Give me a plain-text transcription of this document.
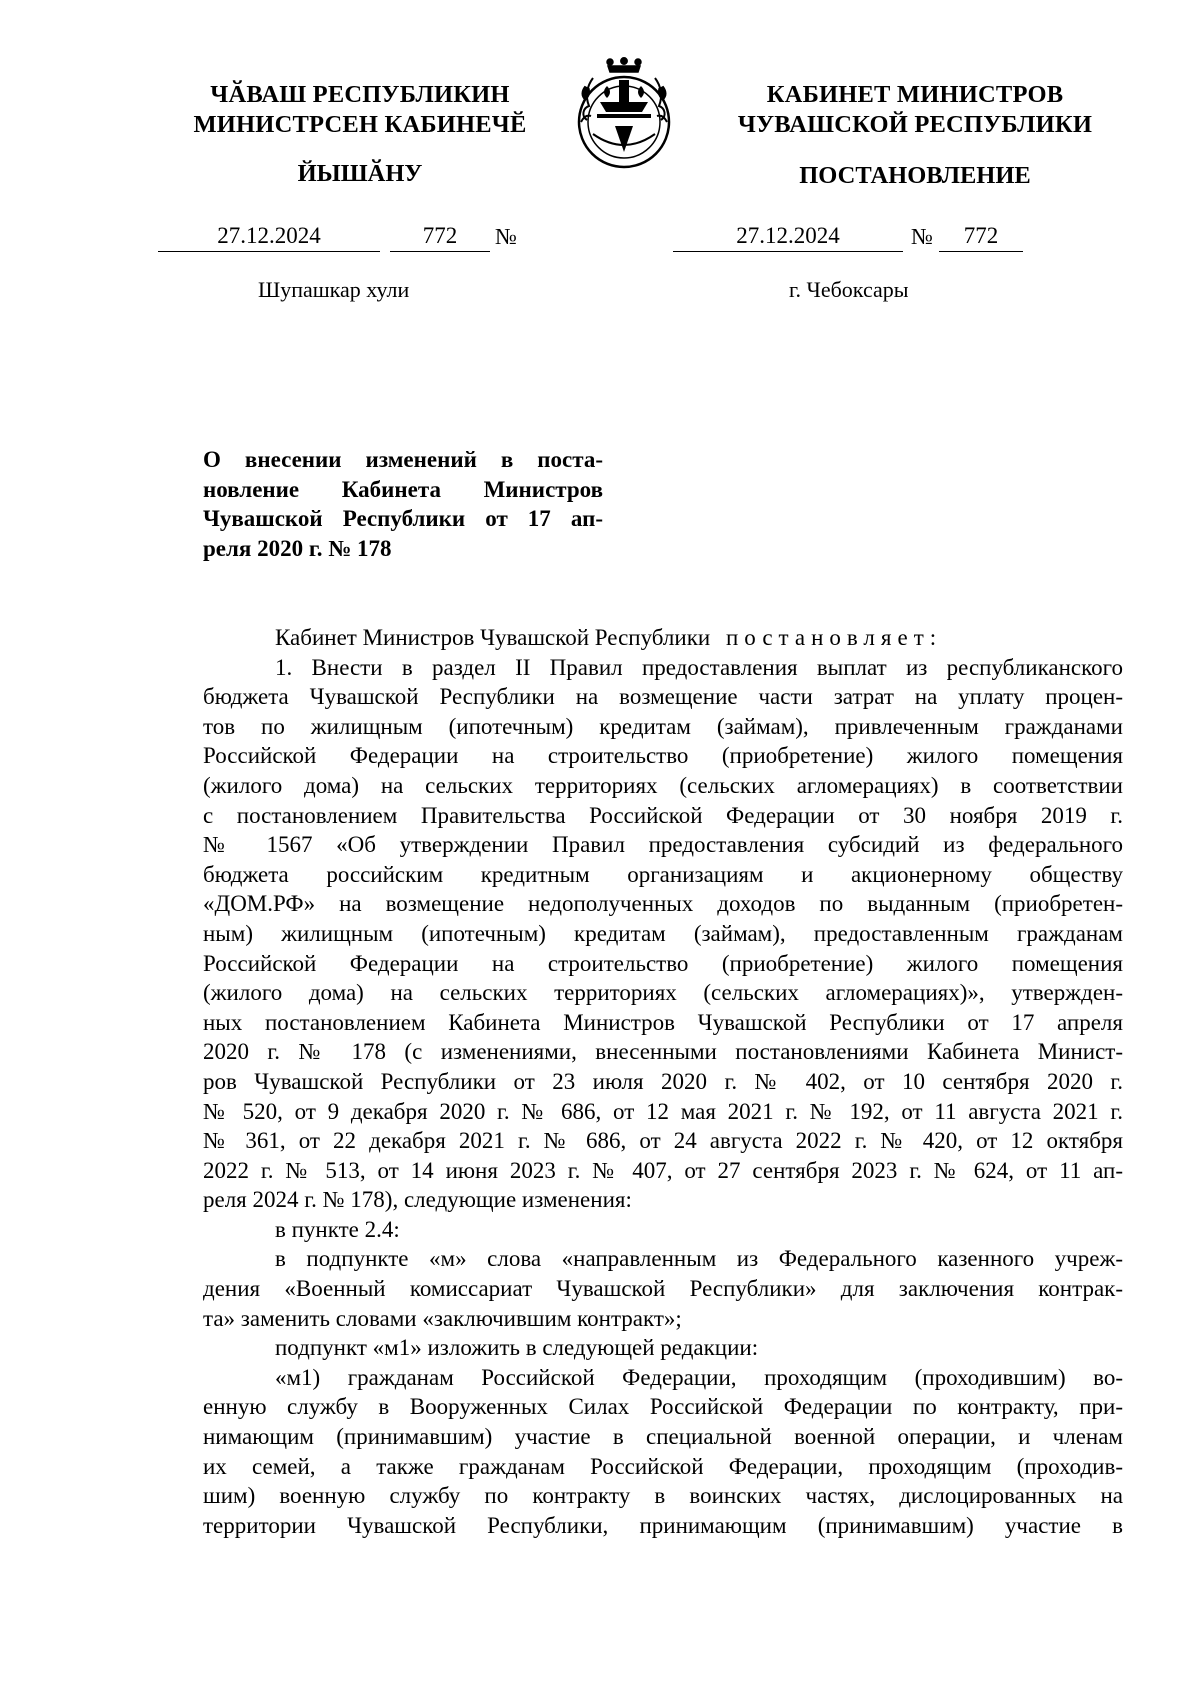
ЧӐВАШ РЕСПУБЛИКИН
МИНИСТРСЕН КАБИНЕЧӖ
ЙЫШӐНУ
КАБИНЕТ МИНИСТРОВ
ЧУВАШСКОЙ РЕСПУБЛИКИ
ПОСТАНОВЛЕНИЕ
27.12.2024	772	№	27.12.2024	№	772
Шупашкар хули	г. Чебоксары
О внесении изменений в поста-
новление Кабинета Министров
Чувашской Республики от 17 ап-
реля 2020 г. № 178
Кабинет Министров Чувашской Республики постановляет:
1. Внести в раздел II Правил предоставления выплат из республиканского
бюджета Чувашской Республики на возмещение части затрат на уплату процен-
тов по жилищным (ипотечным) кредитам (займам), привлеченным гражданами
Российской Федерации на строительство (приобретение) жилого помещения
(жилого дома) на сельских территориях (сельских агломерациях) в соответствии
с постановлением Правительства Российской Федерации от 30 ноября 2019 г.
№ 1567 «Об утверждении Правил предоставления субсидий из федерального
бюджета российским кредитным организациям и акционерному обществу
«ДОМ.РФ» на возмещение недополученных доходов по выданным (приобретен-
ным) жилищным (ипотечным) кредитам (займам), предоставленным гражданам
Российской Федерации на строительство (приобретение) жилого помещения
(жилого дома) на сельских территориях (сельских агломерациях)», утвержден-
ных постановлением Кабинета Министров Чувашской Республики от 17 апреля
2020 г. № 178 (с изменениями, внесенными постановлениями Кабинета Минист-
ров Чувашской Республики от 23 июля 2020 г. № 402, от 10 сентября 2020 г.
№ 520, от 9 декабря 2020 г. № 686, от 12 мая 2021 г. № 192, от 11 августа 2021 г.
№ 361, от 22 декабря 2021 г. № 686, от 24 августа 2022 г. № 420, от 12 октября
2022 г. № 513, от 14 июня 2023 г. № 407, от 27 сентября 2023 г. № 624, от 11 ап-
реля 2024 г. № 178), следующие изменения:
в пункте 2.4:
в подпункте «м» слова «направленным из Федерального казенного учреж-
дения «Военный комиссариат Чувашской Республики» для заключения контрак-
та» заменить словами «заключившим контракт»;
подпункт «м1» изложить в следующей редакции:
«м1) гражданам Российской Федерации, проходящим (проходившим) во-
енную службу в Вооруженных Силах Российской Федерации по контракту, при-
нимающим (принимавшим) участие в специальной военной операции, и членам
их семей, а также гражданам Российской Федерации, проходящим (проходив-
шим) военную службу по контракту в воинских частях, дислоцированных на
территории Чувашской Республики, принимающим (принимавшим) участие в
